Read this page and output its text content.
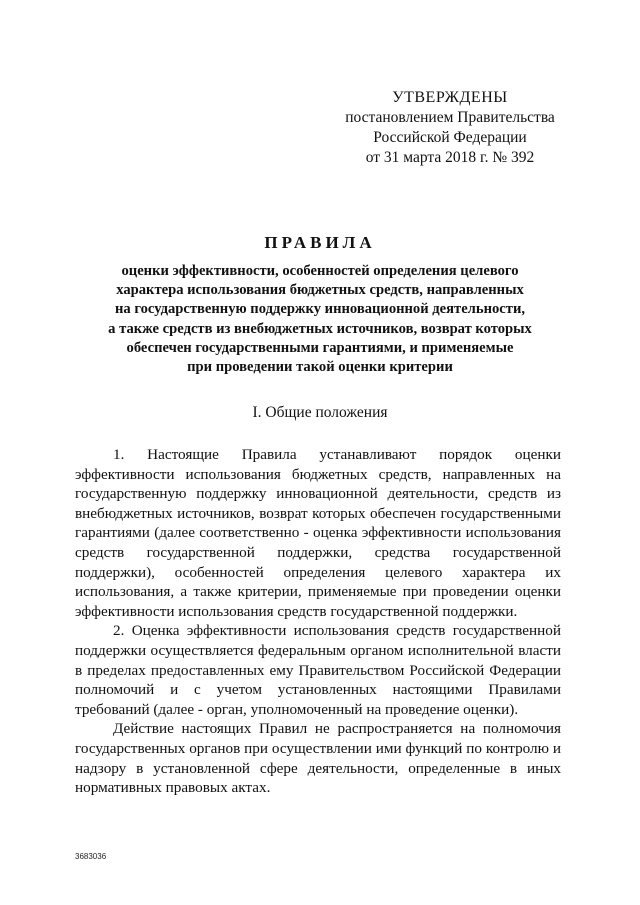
УТВЕРЖДЕНЫ
постановлением Правительства
Российской Федерации
от 31 марта 2018 г. № 392
ПРАВИЛА
оценки эффективности, особенностей определения целевого
характера использования бюджетных средств, направленных
на государственную поддержку инновационной деятельности,
а также средств из внебюджетных источников, возврат которых
обеспечен государственными гарантиями, и применяемые
при проведении такой оценки критерии
I. Общие положения

1. Настоящие Правила устанавливают порядок оценки эффективности использования бюджетных средств, направленных на государственную поддержку инновационной деятельности, средств из внебюджетных источников, возврат которых обеспечен государственными гарантиями (далее соответственно - оценка эффективности использования средств государственной поддержки, средства государственной поддержки), особенностей определения целевого характера их использования, а также критерии, применяемые при проведении оценки эффективности использования средств государственной поддержки.

2. Оценка эффективности использования средств государственной поддержки осуществляется федеральным органом исполнительной власти в пределах предоставленных ему Правительством Российской Федерации полномочий и с учетом установленных настоящими Правилами требований (далее - орган, уполномоченный на проведение оценки).

Действие настоящих Правил не распространяется на полномочия государственных органов при осуществлении ими функций по контролю и надзору в установленной сфере деятельности, определенные в иных нормативных правовых актах.

3683036
